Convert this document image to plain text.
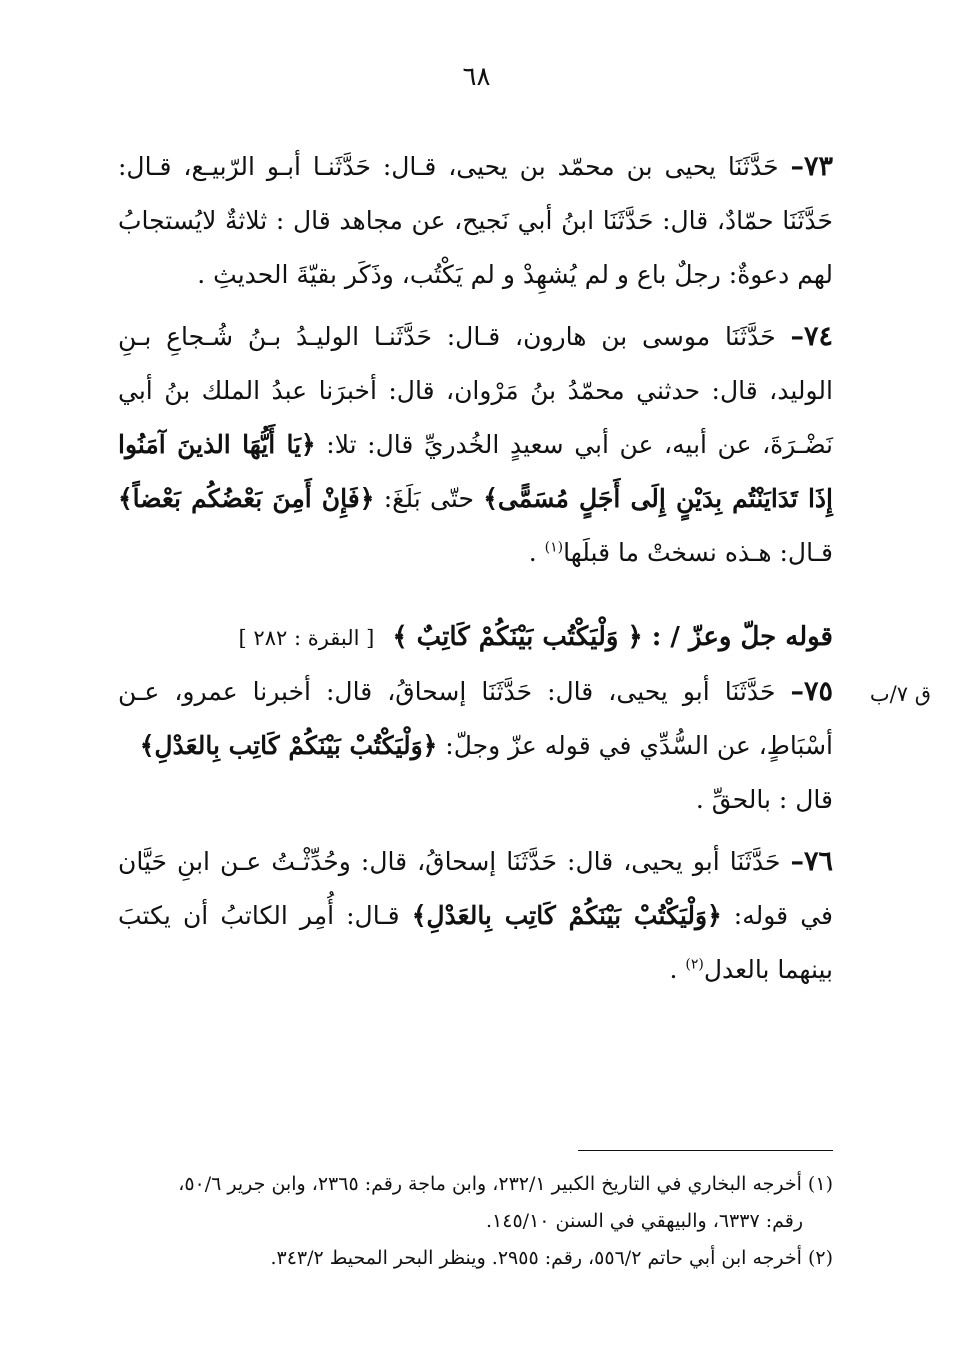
٦٨
ق ٧/ب

٧٣– حَدَّثَنَا يحيى بن محمّد بن يحيى، قـال: حَدَّثَنـا أبـو الرّبيـع، قـال: حَدَّثَنَا حمّادٌ، قال: حَدَّثَنَا ابنُ أبي نَجيح، عن مجاهد قال : ثلاثةٌ لايُستجابُ لهم دعوةٌ: رجلٌ باع و لم يُشهِدْ و لم يَكْتُب، وذَكَر بقيّةَ الحديثِ .

٧٤– حَدَّثَنَا موسى بن هارون، قـال: حَدَّثَنـا الوليـدُ بـنُ شُـجاعِ بـنِ الوليد، قال: حدثني محمّدُ بنُ مَرْوان، قال: أخبرَنا عبدُ الملك بنُ أبي نَضْـرَةَ، عن أبيه، عن أبي سعيدٍ الخُدريِّ قال: تلا: ﴿يَا أَيُّهَا الذينَ آمَنُوا إِذَا تَدَايَنْتُم بِدَيْنٍ إِلَى أَجَلٍ مُسَمًّى﴾ حتّى بَلَغَ: ﴿فَإِنْ أَمِنَ بَعْضُكُم بَعْضاً﴾ قـال: هـذه نسختْ ما قبلَها$^{(١)}$ .

قوله جلّ وعزّ / : ﴿ وَلْيَكْتُب بَيْنَكُمْ كَاتِبٌ ﴾[ البقرة : ٢٨٢ ]

٧٥– حَدَّثَنَا أبو يحيى، قال: حَدَّثَنَا إسحاقُ، قال: أخبرنا عمرو، عـن أسْبَاطٍ، عن السُّدِّي في قوله عزّ وجلّ: ﴿وَلْيَكْتُبْ بَيْنَكُمْ كَاتِب بِالعَدْلِ﴾
قال : بالحقِّ .

٧٦– حَدَّثَنَا أبو يحيى، قال: حَدَّثَنَا إسحاقُ، قال: وحُدِّثْـتُ عـن ابنِ حَيَّان في قوله: ﴿وَلْيَكْتُبْ بَيْنَكُمْ كَاتِب بِالعَدْلِ﴾ قـال: أُمِر الكاتبُ أن يكتبَ بينهما بالعدل$^{(٢)}$ .

(١) أخرجه البخاري في التاريخ الكبير ٢٣٢/١، وابن ماجة رقم: ٢٣٦٥، وابن جرير ٥٠/٦،

رقم: ٦٣٣٧، والبيهقي في السنن ١٤٥/١٠.

(٢) أخرجه ابن أبي حاتم ٥٥٦/٢، رقم: ٢٩٥٥. وينظر البحر المحيط ٣٤٣/٢.
